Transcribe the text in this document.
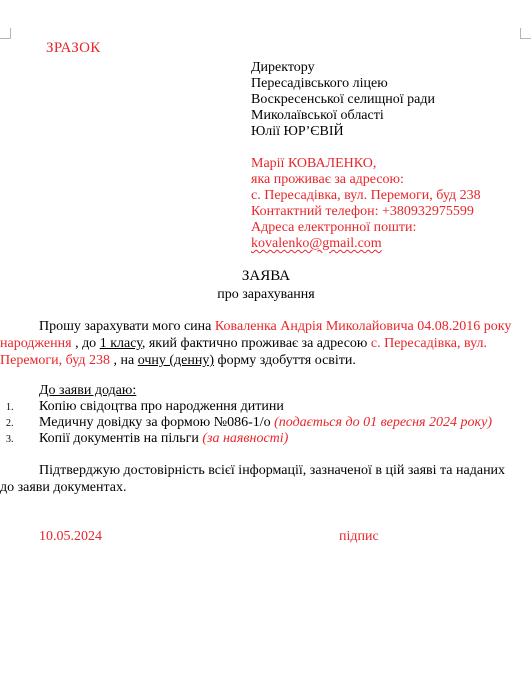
ЗРАЗОК
Директору
Пересадівського ліцею
Воскресенської селищної ради
Миколаївської області
Юлії ЮР’ЄВІЙ
Марії КОВАЛЕНКО,
яка проживає за адресою:
с. Пересадівка, вул. Перемоги, буд 238
Контактний телефон: +380932975599
Адреса електронної пошти:
kovalenko@gmail.com
ЗАЯВА
про зарахування
Прошу зарахувати мого сина Коваленка Андрія Миколайовича 04.08.2016 року
народження , до 1 класу, який фактично проживає за адресою с. Пересадівка, вул.
Перемоги, буд 238 , на очну (денну) форму здобуття освіти.
До заяви додаю:
1. Копію свідоцтва про народження дитини
2. Медичну довідку за формою №086-1/о (подається до 01 вересня 2024 року)
3. Копії документів на пільги (за наявності)
Підтверджую достовірність всієї інформації, зазначеної в цій заяві та наданих
до заяви документах.
10.05.2024	підпис
